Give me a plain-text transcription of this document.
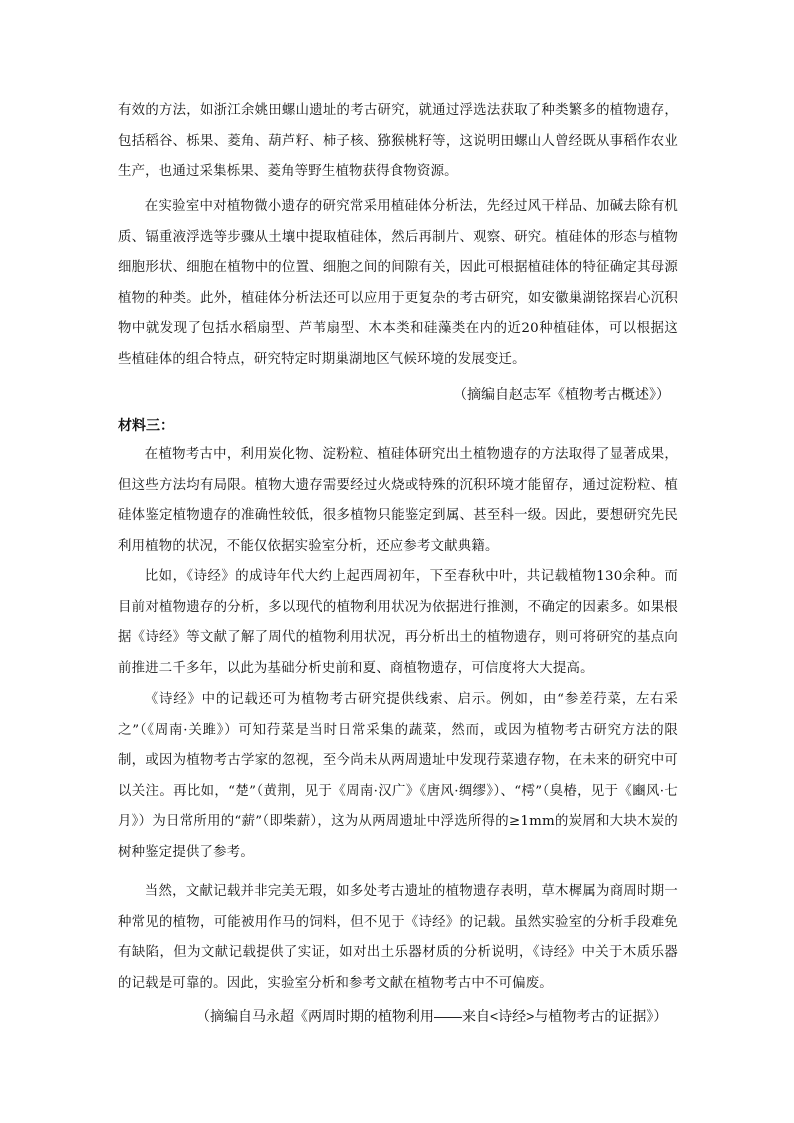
有效的方法，如浙江余姚田螺山遗址的考古研究，就通过浮选法获取了种类繁多的植物遗存，包括稻谷、栎果、菱角、葫芦籽、柿子核、猕猴桃籽等，这说明田螺山人曾经既从事稻作农业生产，也通过采集栎果、菱角等野生植物获得食物资源。
在实验室中对植物微小遗存的研究常采用植硅体分析法，先经过风干样品、加碱去除有机质、镉重液浮选等步骤从土壤中提取植硅体，然后再制片、观察、研究。植硅体的形态与植物细胞形状、细胞在植物中的位置、细胞之间的间隙有关，因此可根据植硅体的特征确定其母源植物的种类。此外，植硅体分析法还可以应用于更复杂的考古研究，如安徽巢湖铭探岩心沉积物中就发现了包括水稻扇型、芦苇扇型、木本类和硅藻类在内的近20种植硅体，可以根据这些植硅体的组合特点，研究特定时期巢湖地区气候环境的发展变迁。
（摘编自赵志军《植物考古概述》）
材料三：
在植物考古中，利用炭化物、淀粉粒、植硅体研究出土植物遗存的方法取得了显著成果，但这些方法均有局限。植物大遗存需要经过火烧或特殊的沉积环境才能留存，通过淀粉粒、植硅体鉴定植物遗存的准确性较低，很多植物只能鉴定到属、甚至科一级。因此，要想研究先民利用植物的状况，不能仅依据实验室分析，还应参考文献典籍。
比如，《诗经》的成诗年代大约上起西周初年，下至春秋中叶，共记载植物130余种。而目前对植物遗存的分析，多以现代的植物利用状况为依据进行推测，不确定的因素多。如果根据《诗经》等文献了解了周代的植物利用状况，再分析出土的植物遗存，则可将研究的基点向前推进二千多年，以此为基础分析史前和夏、商植物遗存，可信度将大大提高。
《诗经》中的记载还可为植物考古研究提供线索、启示。例如，由“参差荇菜，左右采之”（《周南·关雎》）可知荇菜是当时日常采集的蔬菜，然而，或因为植物考古研究方法的限制，或因为植物考古学家的忽视，至今尚未从两周遗址中发现荇菜遗存物，在未来的研究中可以关注。再比如，“楚”（黄荆，见于《周南·汉广》《唐风·绸缪》）、“樗”（臭椿，见于《豳风·七月》）为日常所用的“薪”（即柴薪），这为从两周遗址中浮选所得的≥1mm的炭屑和大块木炭的树种鉴定提供了参考。
当然，文献记载并非完美无瑕，如多处考古遗址的植物遗存表明，草木樨属为商周时期一种常见的植物，可能被用作马的饲料，但不见于《诗经》的记载。虽然实验室的分析手段难免有缺陷，但为文献记载提供了实证，如对出土乐器材质的分析说明，《诗经》中关于木质乐器的记载是可靠的。因此，实验室分析和参考文献在植物考古中不可偏废。
（摘编自马永超《两周时期的植物利用——来自<诗经>与植物考古的证据》）
